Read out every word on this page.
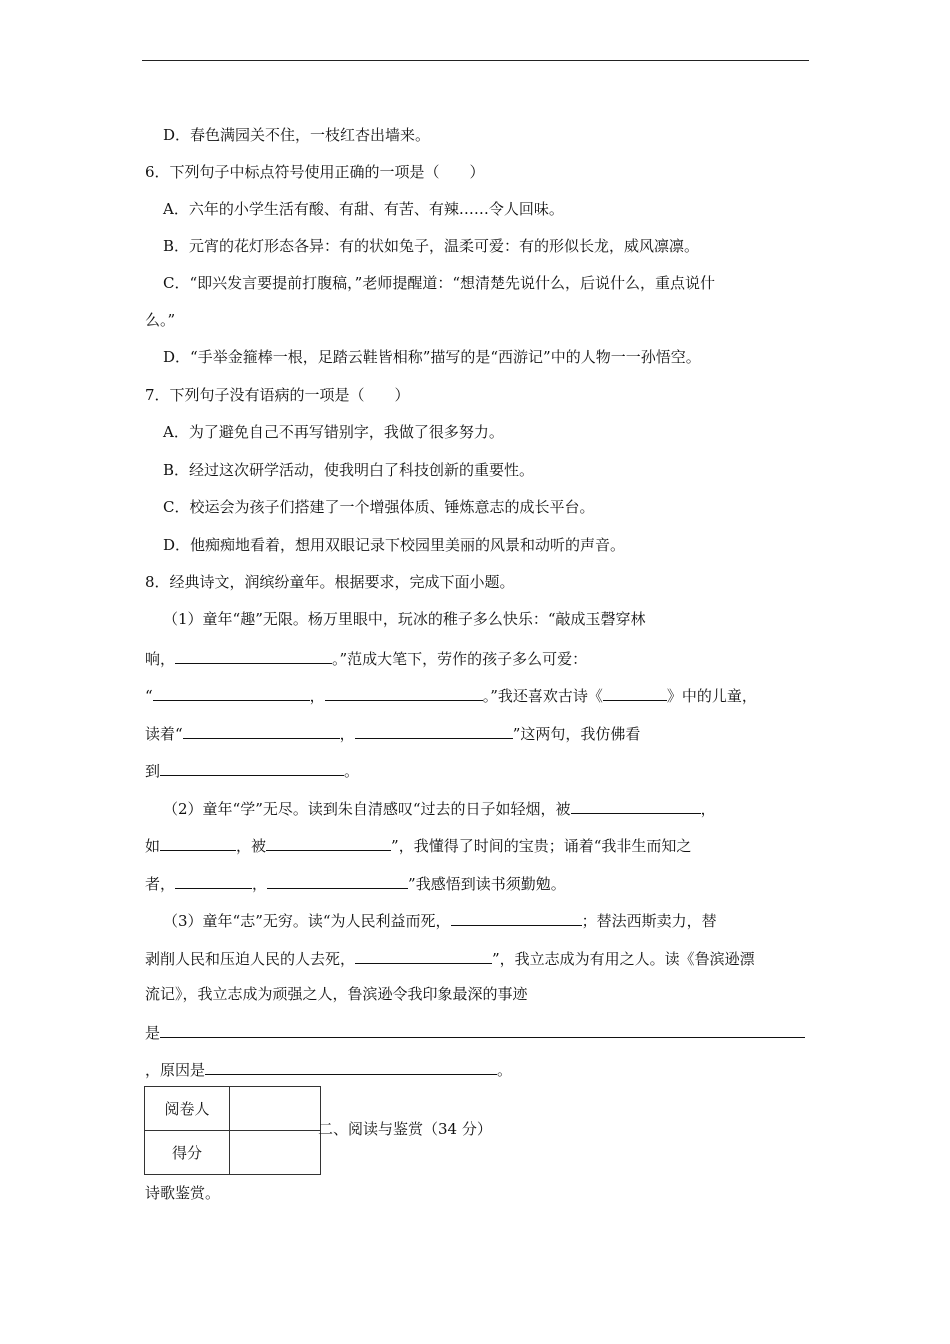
D．春色满园关不住，一枝红杏出墙来。
6．下列句子中标点符号使用正确的一项是（　　）
A．六年的小学生活有酸、有甜、有苦、有辣……令人回味。
B．元宵的花灯形态各异：有的状如兔子，温柔可爱：有的形似长龙，威风凛凛。
C．“即兴发言要提前打腹稿，”老师提醒道：“想清楚先说什么，后说什么，重点说什
么。”
D．“手举金箍棒一根，足踏云鞋皆相称”描写的是“西游记”中的人物一一孙悟空。
7．下列句子没有语病的一项是（　　）
A．为了避免自己不再写错别字，我做了很多努力。
B．经过这次研学活动，使我明白了科技创新的重要性。
C．校运会为孩子们搭建了一个增强体质、锤炼意志的成长平台。
D．他痴痴地看着，想用双眼记录下校园里美丽的风景和动听的声音。
8．经典诗文，润缤纷童年。根据要求，完成下面小题。
（1）童年“趣”无限。杨万里眼中，玩冰的稚子多么快乐：“敲成玉磬穿林
响，	。”范成大笔下，劳作的孩子多么可爱：
“	，	。”我还喜欢古诗《	》中的儿童，
读着“	，	”这两句，我仿佛看
到	。
（2）童年“学”无尽。读到朱自清感叹“过去的日子如轻烟，被	，
如	，被	”，我懂得了时间的宝贵；诵着“我非生而知之
者，	，	”我感悟到读书须勤勉。
（3）童年“志”无穷。读“为人民利益而死，	；替法西斯卖力，替
剥削人民和压迫人民的人去死，	”，我立志成为有用之人。读《鲁滨逊漂
流记》，我立志成为顽强之人，鲁滨逊令我印象最深的事迹
是
，原因是	。
阅卷人	
得分	
二、阅读与鉴赏（34 分）
诗歌鉴赏。
